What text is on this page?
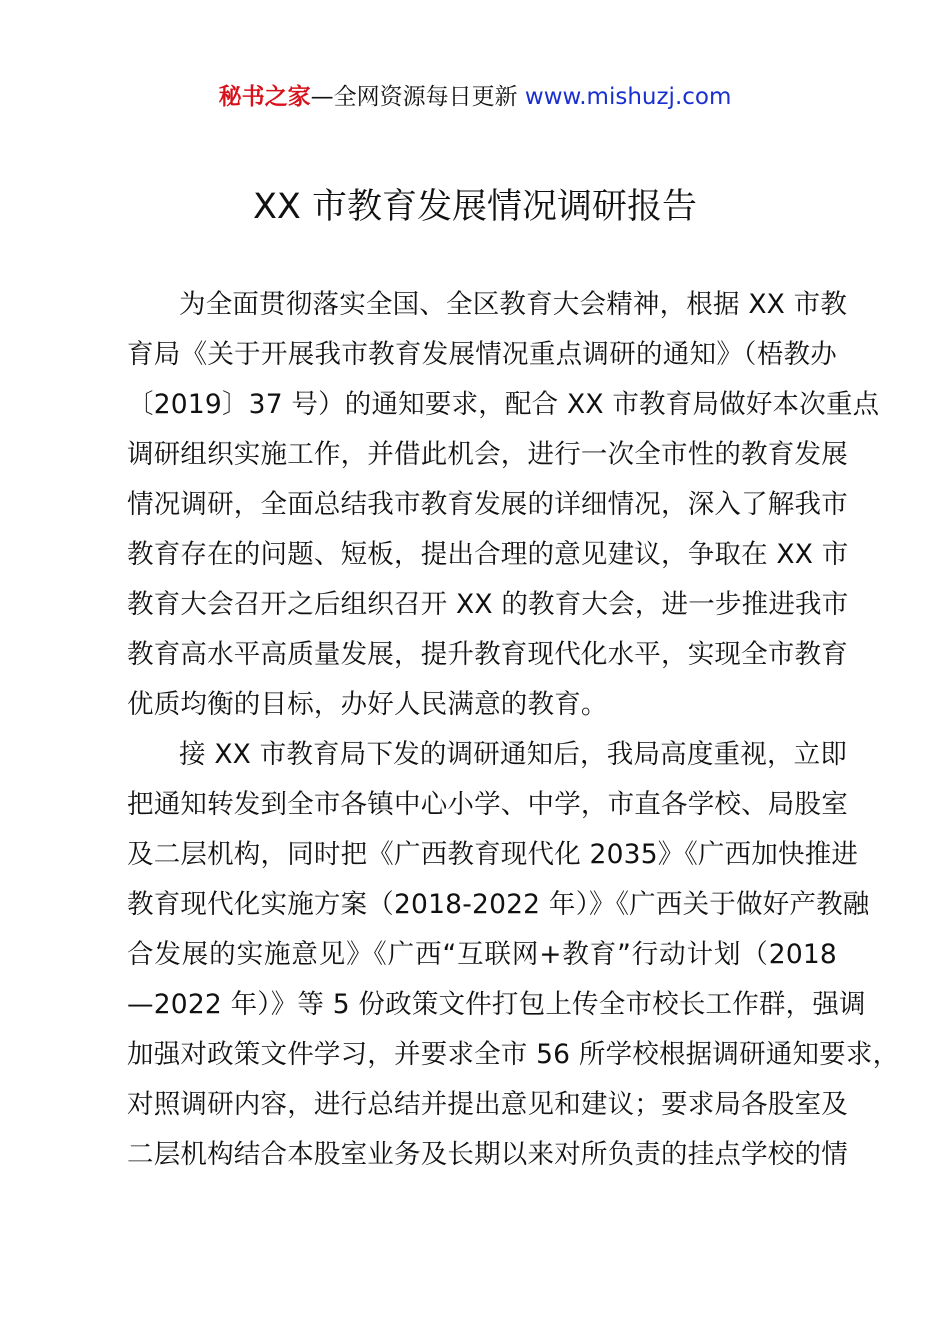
秘书之家—全网资源每日更新 www.mishuzj.com
XX 市教育发展情况调研报告
为全面贯彻落实全国、全区教育大会精神，根据 XX 市教
育局《关于开展我市教育发展情况重点调研的通知》（梧教办
〔2019〕37 号）的通知要求，配合 XX 市教育局做好本次重点
调研组织实施工作，并借此机会，进行一次全市性的教育发展
情况调研，全面总结我市教育发展的详细情况，深入了解我市
教育存在的问题、短板，提出合理的意见建议，争取在 XX 市
教育大会召开之后组织召开 XX 的教育大会，进一步推进我市
教育高水平高质量发展，提升教育现代化水平，实现全市教育
优质均衡的目标，办好人民满意的教育。
接 XX 市教育局下发的调研通知后，我局高度重视，立即
把通知转发到全市各镇中心小学、中学，市直各学校、局股室
及二层机构，同时把《广西教育现代化 2035》《广西加快推进
教育现代化实施方案（2018-2022 年）》《广西关于做好产教融
合发展的实施意见》《广西“互联网+教育”行动计划（2018
—2022 年）》等 5 份政策文件打包上传全市校长工作群，强调
加强对政策文件学习，并要求全市 56 所学校根据调研通知要求，
对照调研内容，进行总结并提出意见和建议；要求局各股室及
二层机构结合本股室业务及长期以来对所负责的挂点学校的情
